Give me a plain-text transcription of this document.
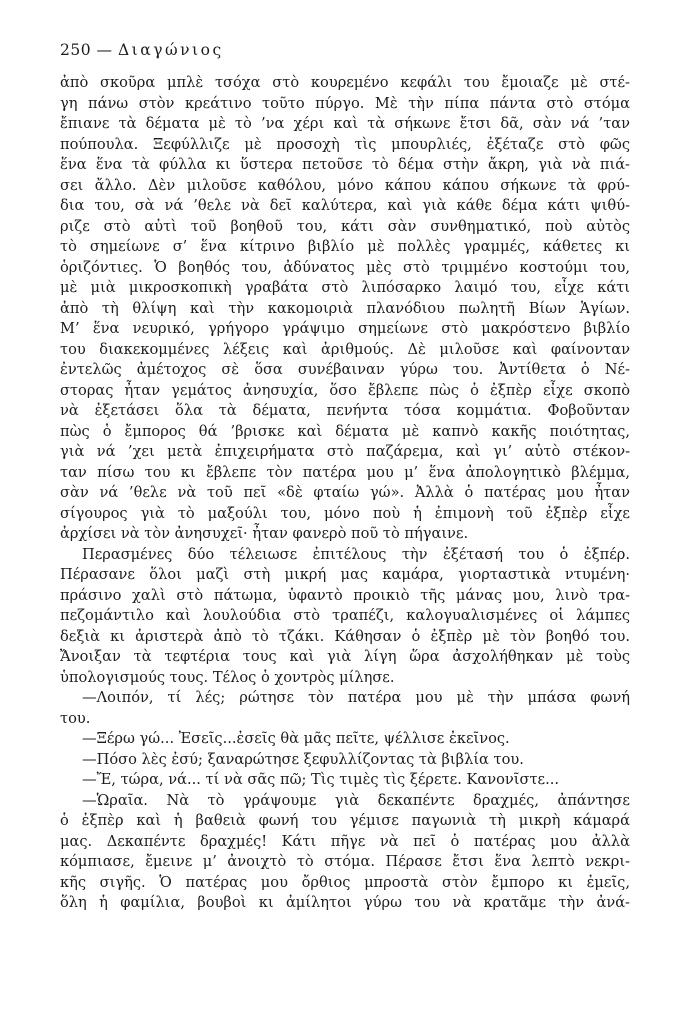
250 — Διαγώνιος

ἀπὸ σκοῦρα μπλὲ τσόχα στὸ κουρεμένο κεφάλι του ἔμοιαζε μὲ στέ-

γη πάνω στὸν κρεάτινο τοῦτο πύργο. Μὲ τὴν πίπα πάντα στὸ στόμα

ἔπιανε τὰ δέματα μὲ τὸ ’να χέρι καὶ τὰ σήκωνε ἔτσι δᾶ, σὰν νά ’ταν

πούπουλα. Ξεφύλλιζε μὲ προσοχὴ τὶς μπουρλιές, ἐξέταζε στὸ φῶς

ἕνα ἕνα τὰ φύλλα κι ὕστερα πετοῦσε τὸ δέμα στὴν ἄκρη, γιὰ νὰ πιά-

σει ἄλλο. Δὲν μιλοῦσε καθόλου, μόνο κάπου κάπου σήκωνε τὰ φρύ-

δια του, σὰ νά ’θελε νὰ δεῖ καλύτερα, καὶ γιὰ κάθε δέμα κάτι ψιθύ-

ριζε στὸ αὐτὶ τοῦ βοηθοῦ του, κάτι σὰν συνθηματικό, ποὺ αὐτὸς

τὸ σημείωνε σ’ ἕνα κίτρινο βιβλίο μὲ πολλὲς γραμμές, κάθετες κι

ὁριζόντιες. Ὁ βοηθός του, ἀδύνατος μὲς στὸ τριμμένο κοστούμι του,

μὲ μιὰ μικροσκοπικὴ γραβάτα στὸ λιπόσαρκο λαιμό του, εἶχε κάτι

ἀπὸ τὴ θλίψη καὶ τὴν κακομοιριὰ πλανόδιου πωλητῆ Βίων Ἁγίων.

Μ’ ἕνα νευρικό, γρήγορο γράψιμο σημείωνε στὸ μακρόστενο βιβλίο

του διακεκομμένες λέξεις καὶ ἀριθμούς. Δὲ μιλοῦσε καὶ φαίνονταν

ἐντελῶς ἀμέτοχος σὲ ὅσα συνέβαιναν γύρω του. Ἀντίθετα ὁ Νέ-

στορας ἦταν γεμάτος ἀνησυχία, ὅσο ἔβλεπε πὼς ὁ ἐξπὲρ εἶχε σκοπὸ

νὰ ἐξετάσει ὅλα τὰ δέματα, πενήντα τόσα κομμάτια. Φοβοῦνταν

πὼς ὁ ἔμπορος θά ’βρισκε καὶ δέματα μὲ καπνὸ κακῆς ποιότητας,

γιὰ νά ’χει μετὰ ἐπιχειρήματα στὸ παζάρεμα, καὶ γι’ αὐτὸ στέκον-

ταν πίσω του κι ἔβλεπε τὸν πατέρα μου μ’ ἕνα ἀπολογητικὸ βλέμμα,

σὰν νά ’θελε νὰ τοῦ πεῖ «δὲ φταίω γώ». Ἀλλὰ ὁ πατέρας μου ἦταν

σίγουρος γιὰ τὸ μαξούλι του, μόνο ποὺ ἡ ἐπιμονὴ τοῦ ἐξπὲρ εἶχε

ἀρχίσει νὰ τὸν ἀνησυχεῖ· ἦταν φανερὸ ποῦ τὸ πήγαινε.

Περασμένες δύο τέλειωσε ἐπιτέλους τὴν ἐξέτασή του ὁ ἐξπέρ.

Πέρασανε ὅλοι μαζὶ στὴ μικρή μας καμάρα, γιορταστικὰ ντυμένη·

πράσινο χαλὶ στὸ πάτωμα, ὑφαντὸ προικιὸ τῆς μάνας μου, λινὸ τρα-

πεζομάντιλο καὶ λουλούδια στὸ τραπέζι, καλογυαλισμένες οἱ λάμπες

δεξιὰ κι ἀριστερὰ ἀπὸ τὸ τζάκι. Κάθησαν ὁ ἐξπὲρ μὲ τὸν βοηθό του.

Ἄνοιξαν τὰ τεφτέρια τους καὶ γιὰ λίγη ὥρα ἀσχολήθηκαν μὲ τοὺς

ὑπολογισμούς τους. Τέλος ὁ χοντρὸς μίλησε.

—Λοιπόν, τί λές; ρώτησε τὸν πατέρα μου μὲ τὴν μπάσα φωνή

του.

—Ξέρω γώ... Ἐσεῖς...ἐσεῖς θὰ μᾶς πεῖτε, ψέλλισε ἐκεῖνος.

—Πόσο λὲς ἐσύ; ξαναρώτησε ξεφυλλίζοντας τὰ βιβλία του.

—Ἔ, τώρα, νά... τί νὰ σᾶς πῶ; Τὶς τιμὲς τὶς ξέρετε. Κανονῖστε...

—Ὡραῖα. Νὰ τὸ γράψουμε γιὰ δεκαπέντε δραχμές, ἀπάντησε

ὁ ἐξπὲρ καὶ ἡ βαθειὰ φωνή του γέμισε παγωνιὰ τὴ μικρὴ κάμαρά

μας. Δεκαπέντε δραχμές! Κάτι πῆγε νὰ πεῖ ὁ πατέρας μου ἀλλὰ

κόμπιασε, ἔμεινε μ’ ἀνοιχτὸ τὸ στόμα. Πέρασε ἔτσι ἕνα λεπτὸ νεκρι-

κῆς σιγῆς. Ὁ πατέρας μου ὄρθιος μπροστὰ στὸν ἔμπορο κι ἐμεῖς,

ὅλη ἡ φαμίλια, βουβοὶ κι ἀμίλητοι γύρω του νὰ κρατᾶμε τὴν ἀνά-
